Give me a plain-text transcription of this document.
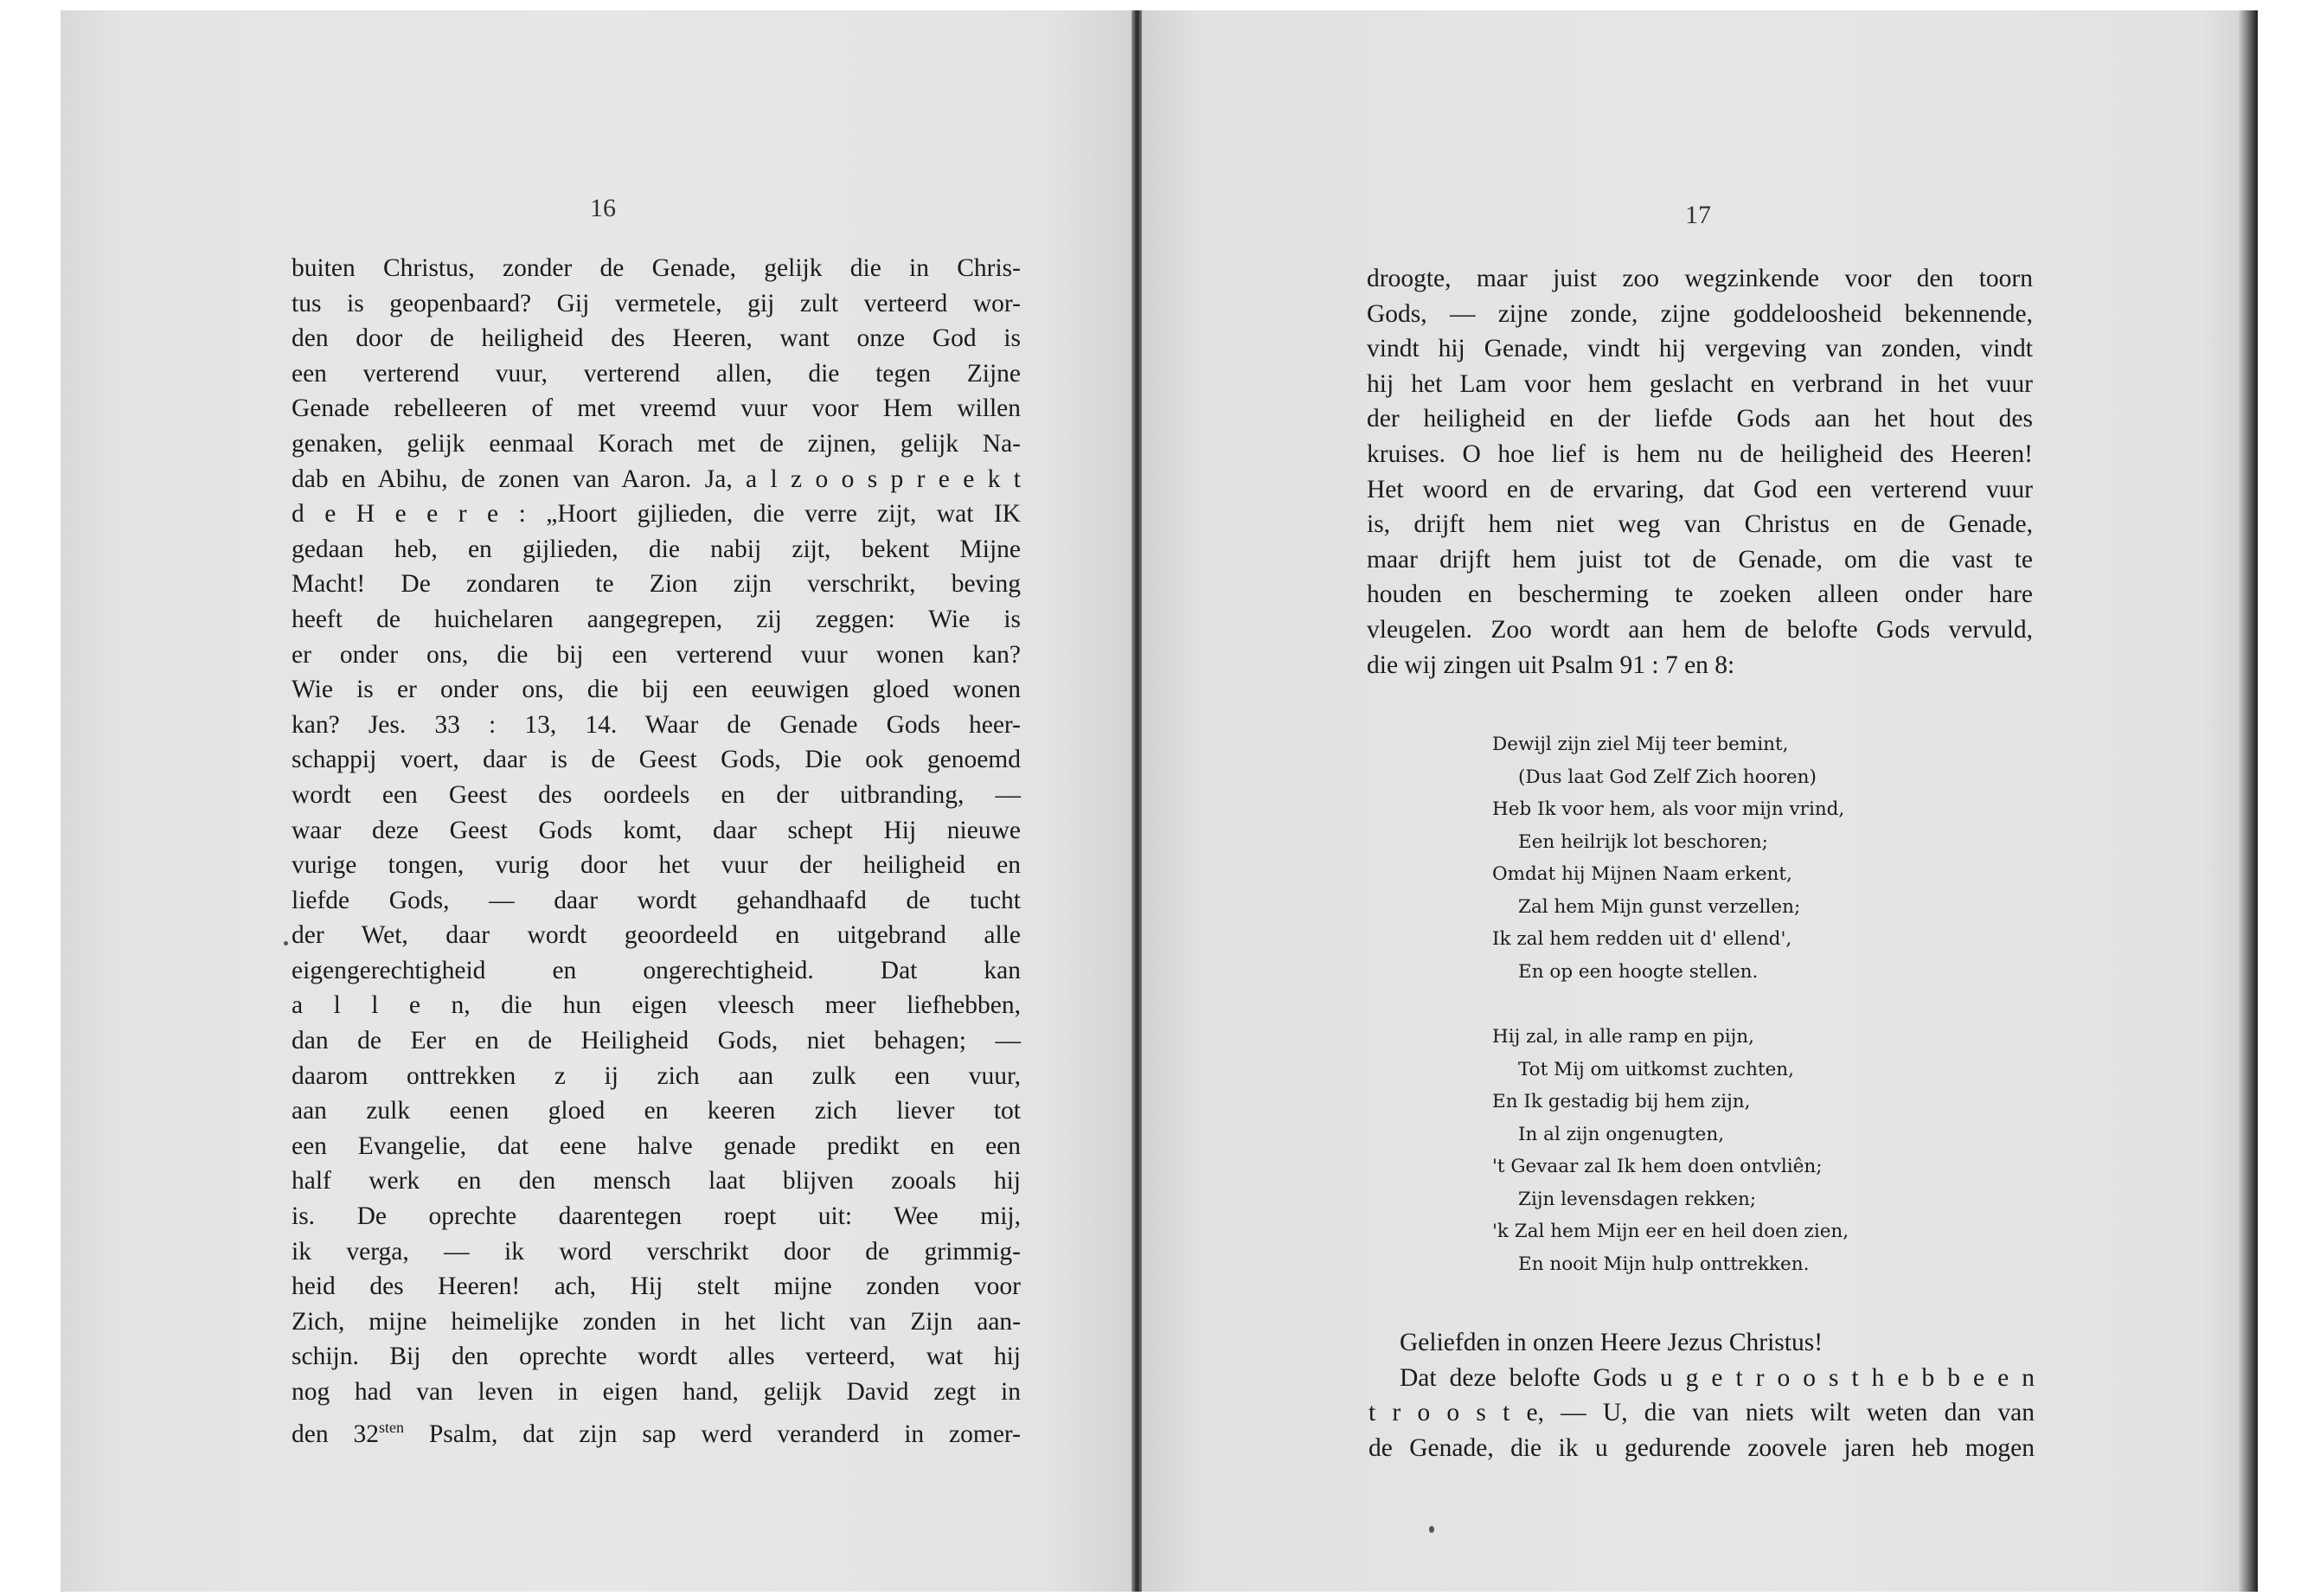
16
buiten Christus, zonder de Genade, gelijk die in Chris-
tus is geopenbaard? Gij vermetele, gij zult verteerd wor-
den door de heiligheid des Heeren, want onze God is
een verterend vuur, verterend allen, die tegen Zijne
Genade rebelleeren of met vreemd vuur voor Hem willen
genaken, gelijk eenmaal Korach met de zijnen, gelijk Na-
dab en Abihu, de zonen van Aaron. Ja, a l z o o s p r e e k t
d e H e e r e : „Hoort gijlieden, die verre zijt, wat IK
gedaan heb, en gijlieden, die nabij zijt, bekent Mijne
Macht! De zondaren te Zion zijn verschrikt, beving
heeft de huichelaren aangegrepen, zij zeggen: Wie is
er onder ons, die bij een verterend vuur wonen kan?
Wie is er onder ons, die bij een eeuwigen gloed wonen
kan? Jes. 33 : 13, 14. Waar de Genade Gods heer-
schappij voert, daar is de Geest Gods, Die ook genoemd
wordt een Geest des oordeels en der uitbranding, —
waar deze Geest Gods komt, daar schept Hij nieuwe
vurige tongen, vurig door het vuur der heiligheid en
liefde Gods, — daar wordt gehandhaafd de tucht
der Wet, daar wordt geoordeeld en uitgebrand alle
eigengerechtigheid en ongerechtigheid. Dat kan
a l l e n, die hun eigen vleesch meer liefhebben,
dan de Eer en de Heiligheid Gods, niet behagen; —
daarom onttrekken z ij zich aan zulk een vuur,
aan zulk eenen gloed en keeren zich liever tot
een Evangelie, dat eene halve genade predikt en een
half werk en den mensch laat blijven zooals hij
is. De oprechte daarentegen roept uit: Wee mij,
ik verga, — ik word verschrikt door de grimmig-
heid des Heeren! ach, Hij stelt mijne zonden voor
Zich, mijne heimelijke zonden in het licht van Zijn aan-
schijn. Bij den oprechte wordt alles verteerd, wat hij
nog had van leven in eigen hand, gelijk David zegt in
den $32^{sten}$ Psalm, dat zijn sap werd veranderd in zomer-
17
droogte, maar juist zoo wegzinkende voor den toorn
Gods, — zijne zonde, zijne goddeloosheid bekennende,
vindt hij Genade, vindt hij vergeving van zonden, vindt
hij het Lam voor hem geslacht en verbrand in het vuur
der heiligheid en der liefde Gods aan het hout des
kruises. O hoe lief is hem nu de heiligheid des Heeren!
Het woord en de ervaring, dat God een verterend vuur
is, drijft hem niet weg van Christus en de Genade,
maar drijft hem juist tot de Genade, om die vast te
houden en bescherming te zoeken alleen onder hare
vleugelen. Zoo wordt aan hem de belofte Gods vervuld,
die wij zingen uit Psalm 91 : 7 en 8:
Dewijl zijn ziel Mij teer bemint,
(Dus laat God Zelf Zich hooren)
Heb Ik voor hem, als voor mijn vrind,
Een heilrijk lot beschoren;
Omdat hij Mijnen Naam erkent,
Zal hem Mijn gunst verzellen;
Ik zal hem redden uit d' ellend',
En op een hoogte stellen.
Hij zal, in alle ramp en pijn,
Tot Mij om uitkomst zuchten,
En Ik gestadig bij hem zijn,
In al zijn ongenugten,
't Gevaar zal Ik hem doen ontvliên;
Zijn levensdagen rekken;
'k Zal hem Mijn eer en heil doen zien,
En nooit Mijn hulp onttrekken.
Geliefden in onzen Heere Jezus Christus!
Dat deze belofte Gods u g e t r o o s t h e b b e e n
t r o o s t e, — U, die van niets wilt weten dan van
de Genade, die ik u gedurende zoovele jaren heb mogen
